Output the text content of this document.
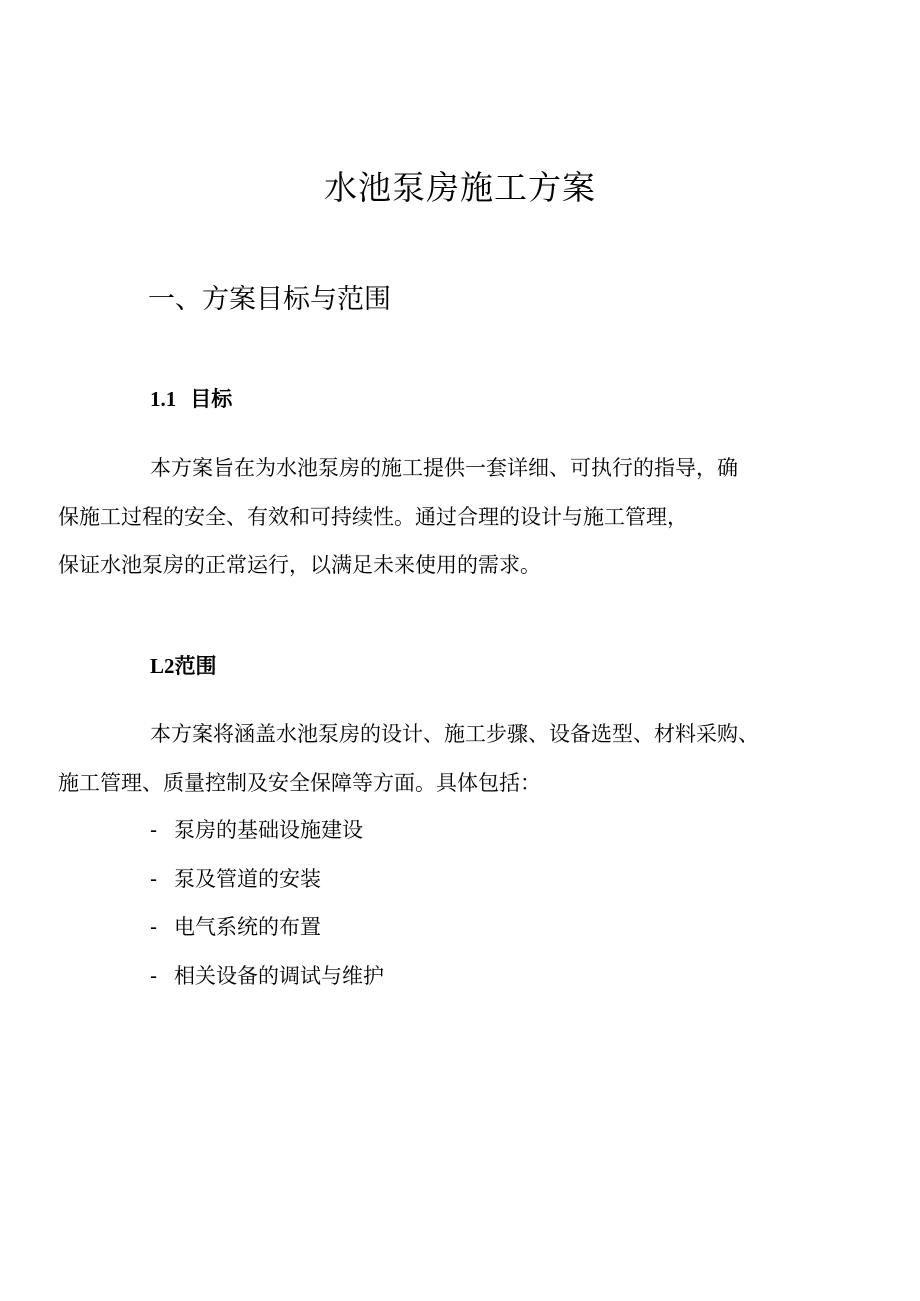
水池泵房施工方案
一、方案目标与范围
1.1 目标

本方案旨在为水池泵房的施工提供一套详细、可执行的指导，确
保施工过程的安全、有效和可持续性。通过合理的设计与施工管理，
保证水池泵房的正常运行，以满足未来使用的需求。

L2范围

本方案将涵盖水池泵房的设计、施工步骤、设备选型、材料采购、
施工管理、质量控制及安全保障等方面。具体包括：

- 泵房的基础设施建设
- 泵及管道的安装
- 电气系统的布置
- 相关设备的调试与维护
